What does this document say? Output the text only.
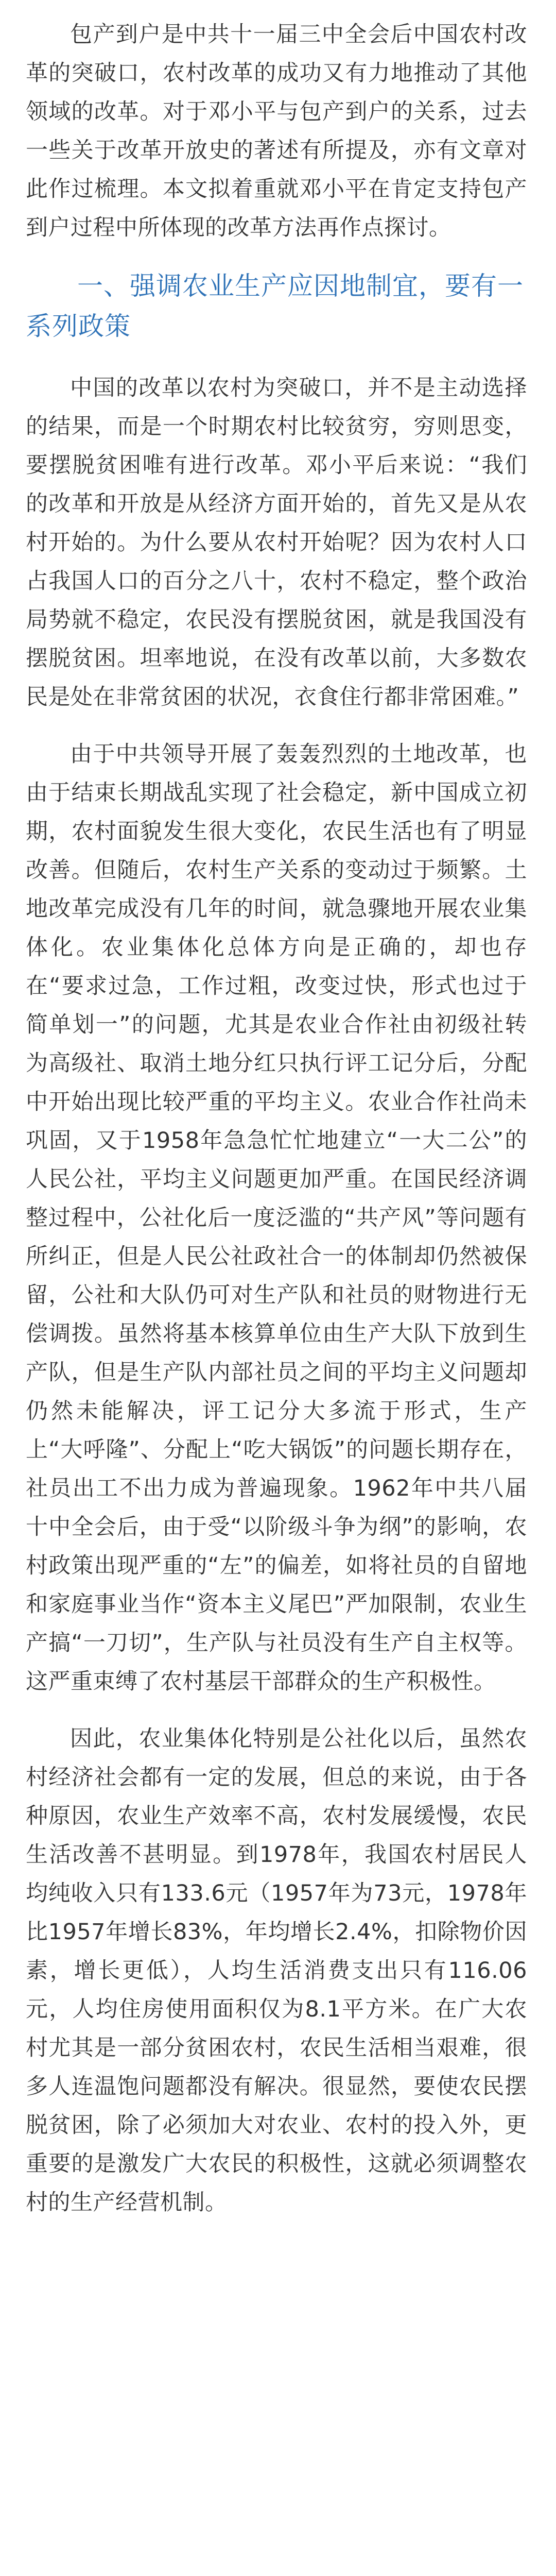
包产到户是中共十一届三中全会后中国农村改革的突破口，农村改革的成功又有力地推动了其他领域的改革。对于邓小平与包产到户的关系，过去一些关于改革开放史的著述有所提及，亦有文章对此作过梳理。本文拟着重就邓小平在肯定支持包产到户过程中所体现的改革方法再作点探讨。

一、强调农业生产应因地制宜，要有一系列政策

中国的改革以农村为突破口，并不是主动选择的结果，而是一个时期农村比较贫穷，穷则思变，要摆脱贫困唯有进行改革。邓小平后来说：“我们的改革和开放是从经济方面开始的，首先又是从农村开始的。为什么要从农村开始呢？因为农村人口占我国人口的百分之八十，农村不稳定，整个政治局势就不稳定，农民没有摆脱贫困，就是我国没有摆脱贫困。坦率地说，在没有改革以前，大多数农民是处在非常贫困的状况，衣食住行都非常困难。”

由于中共领导开展了轰轰烈烈的土地改革，也由于结束长期战乱实现了社会稳定，新中国成立初期，农村面貌发生很大变化，农民生活也有了明显改善。但随后，农村生产关系的变动过于频繁。土地改革完成没有几年的时间，就急骤地开展农业集体化。农业集体化总体方向是正确的，却也存在“要求过急，工作过粗，改变过快，形式也过于简单划一”的问题，尤其是农业合作社由初级社转为高级社、取消土地分红只执行评工记分后，分配中开始出现比较严重的平均主义。农业合作社尚未巩固，又于1958年急急忙忙地建立“一大二公”的人民公社，平均主义问题更加严重。在国民经济调整过程中，公社化后一度泛滥的“共产风”等问题有所纠正，但是人民公社政社合一的体制却仍然被保留，公社和大队仍可对生产队和社员的财物进行无偿调拨。虽然将基本核算单位由生产大队下放到生产队，但是生产队内部社员之间的平均主义问题却仍然未能解决，评工记分大多流于形式，生产上“大呼隆”、分配上“吃大锅饭”的问题长期存在，社员出工不出力成为普遍现象。1962年中共八届十中全会后，由于受“以阶级斗争为纲”的影响，农村政策出现严重的“左”的偏差，如将社员的自留地和家庭事业当作“资本主义尾巴”严加限制，农业生产搞“一刀切”，生产队与社员没有生产自主权等。这严重束缚了农村基层干部群众的生产积极性。

因此，农业集体化特别是公社化以后，虽然农村经济社会都有一定的发展，但总的来说，由于各种原因，农业生产效率不高，农村发展缓慢，农民生活改善不甚明显。到1978年，我国农村居民人均纯收入只有133.6元（1957年为73元，1978年比1957年增长83%，年均增长2.4%，扣除物价因素，增长更低），人均生活消费支出只有116.06元，人均住房使用面积仅为8.1平方米。在广大农村尤其是一部分贫困农村，农民生活相当艰难，很多人连温饱问题都没有解决。很显然，要使农民摆脱贫困，除了必须加大对农业、农村的投入外，更重要的是激发广大农民的积极性，这就必须调整农村的生产经营机制。
